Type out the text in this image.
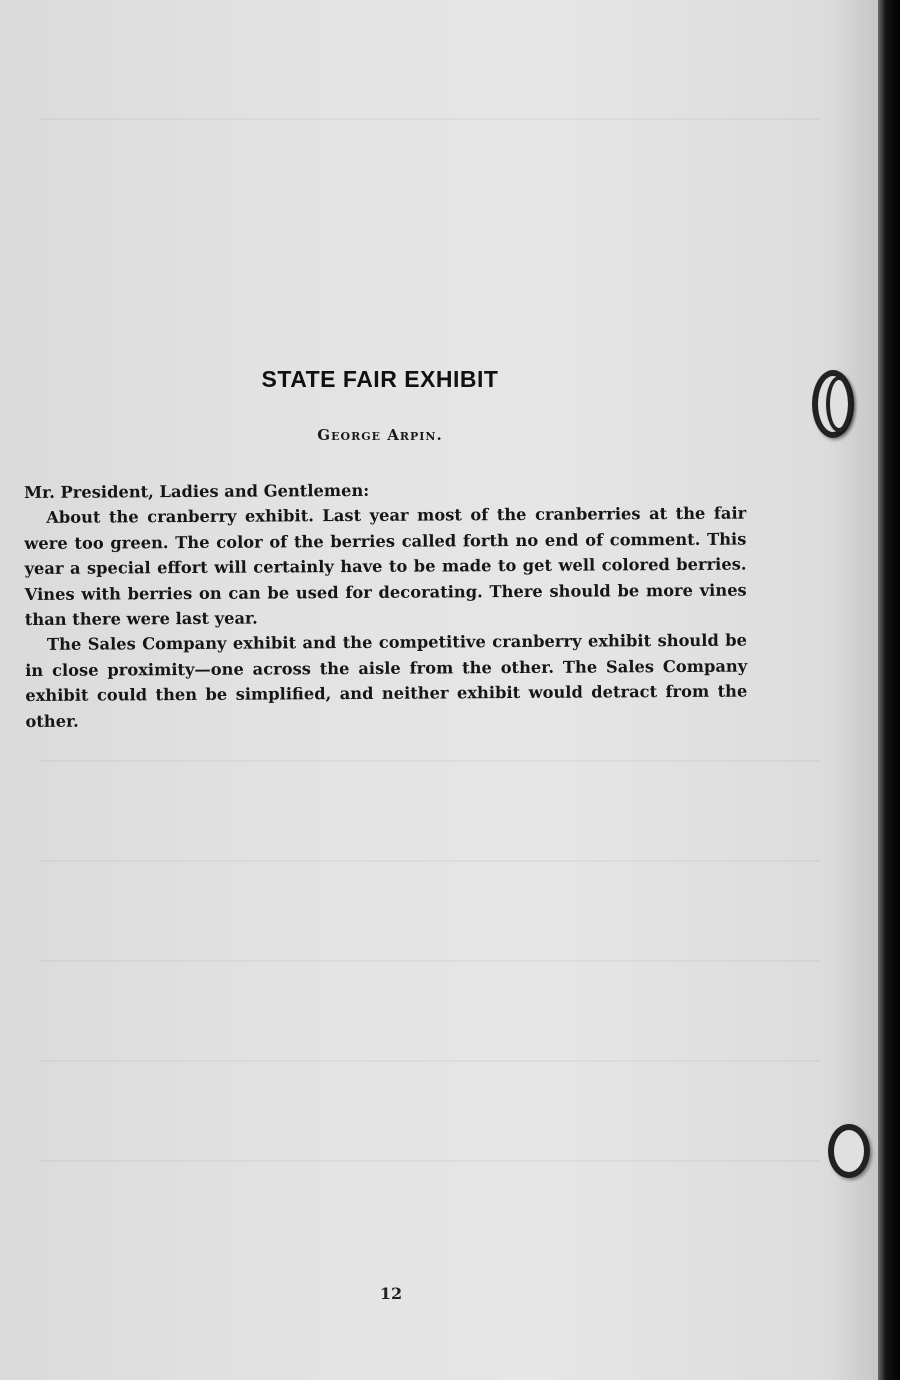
STATE FAIR EXHIBIT
George Arpin.

Mr. President, Ladies and Gentlemen:

About the cranberry exhibit. Last year most of the cranberries at the fair were too green. The color of the berries called forth no end of comment. This year a special effort will certainly have to be made to get well colored berries. Vines with berries on can be used for decorating. There should be more vines than there were last year.

The Sales Company exhibit and the competitive cranberry exhibit should be in close proximity—one across the aisle from the other. The Sales Company exhibit could then be simplified, and neither exhibit would detract from the other.

12
